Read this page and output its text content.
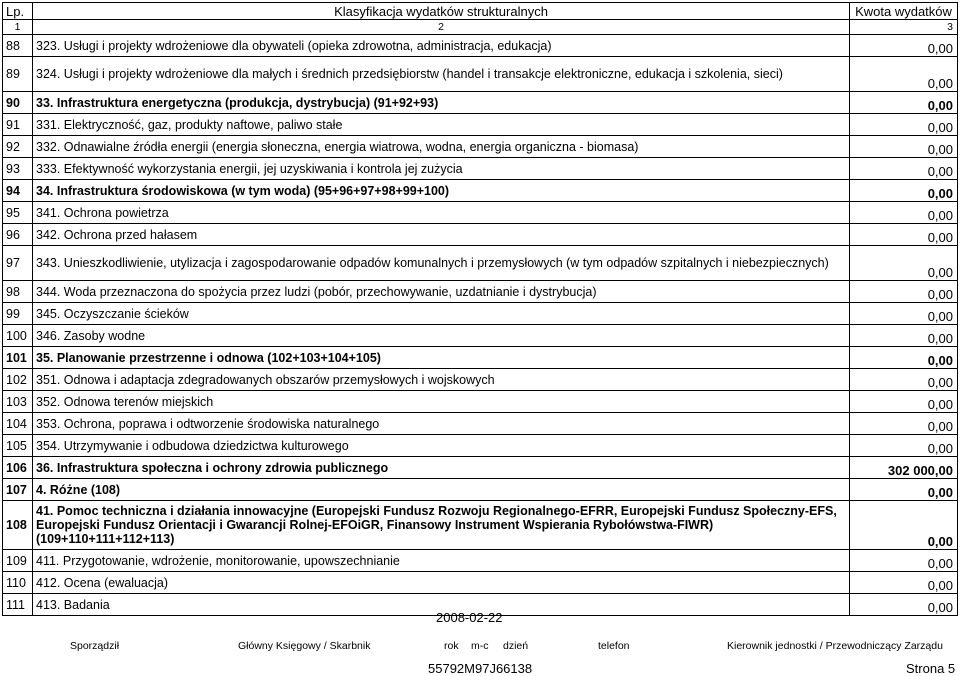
Lp.	Klasyfikacja wydatków strukturalnych	Kwota wydatków
1	2	3
88	323. Usługi i projekty wdrożeniowe dla obywateli (opieka zdrowotna, administracja, edukacja)	0,00
89	324. Usługi i projekty wdrożeniowe dla małych i średnich przedsiębiorstw (handel i transakcje elektroniczne, edukacja i szkolenia, sieci)	0,00
90	33. Infrastruktura energetyczna (produkcja, dystrybucja) (91+92+93)	0,00
91	331. Elektryczność, gaz, produkty naftowe, paliwo stałe	0,00
92	332. Odnawialne źródła energii (energia słoneczna, energia wiatrowa, wodna, energia organiczna - biomasa)	0,00
93	333. Efektywność wykorzystania energii, jej uzyskiwania i kontrola jej zużycia	0,00
94	34. Infrastruktura środowiskowa (w tym woda) (95+96+97+98+99+100)	0,00
95	341. Ochrona powietrza	0,00
96	342. Ochrona przed hałasem	0,00
97	343. Unieszkodliwienie, utylizacja i zagospodarowanie odpadów komunalnych i przemysłowych (w tym odpadów szpitalnych i niebezpiecznych)	0,00
98	344. Woda przeznaczona do spożycia przez ludzi (pobór, przechowywanie, uzdatnianie i dystrybucja)	0,00
99	345. Oczyszczanie ścieków	0,00
100	346. Zasoby wodne	0,00
101	35. Planowanie przestrzenne i odnowa (102+103+104+105)	0,00
102	351. Odnowa i adaptacja zdegradowanych obszarów przemysłowych i wojskowych	0,00
103	352. Odnowa terenów miejskich	0,00
104	353. Ochrona, poprawa i odtworzenie środowiska naturalnego	0,00
105	354. Utrzymywanie i odbudowa dziedzictwa kulturowego	0,00
106	36. Infrastruktura społeczna i ochrony zdrowia publicznego	302 000,00
107	4. Różne (108)	0,00
108	41. Pomoc techniczna i działania innowacyjne (Europejski Fundusz Rozwoju Regionalnego-EFRR, Europejski Fundusz Społeczny-EFS, Europejski Fundusz Orientacji i Gwarancji Rolnej-EFOiGR, Finansowy Instrument Wspierania Rybołówstwa-FIWR) (109+110+111+112+113)	0,00
109	411. Przygotowanie, wdrożenie, monitorowanie, upowszechnianie	0,00
110	412. Ocena (ewaluacja)	0,00
111	413. Badania	0,00
2008-02-22
Sporządził	Główny Księgowy / Skarbnik	rok m-c dzień	telefon	Kierownik jednostki / Przewodniczący Zarządu
55792M97J66138	Strona 5
